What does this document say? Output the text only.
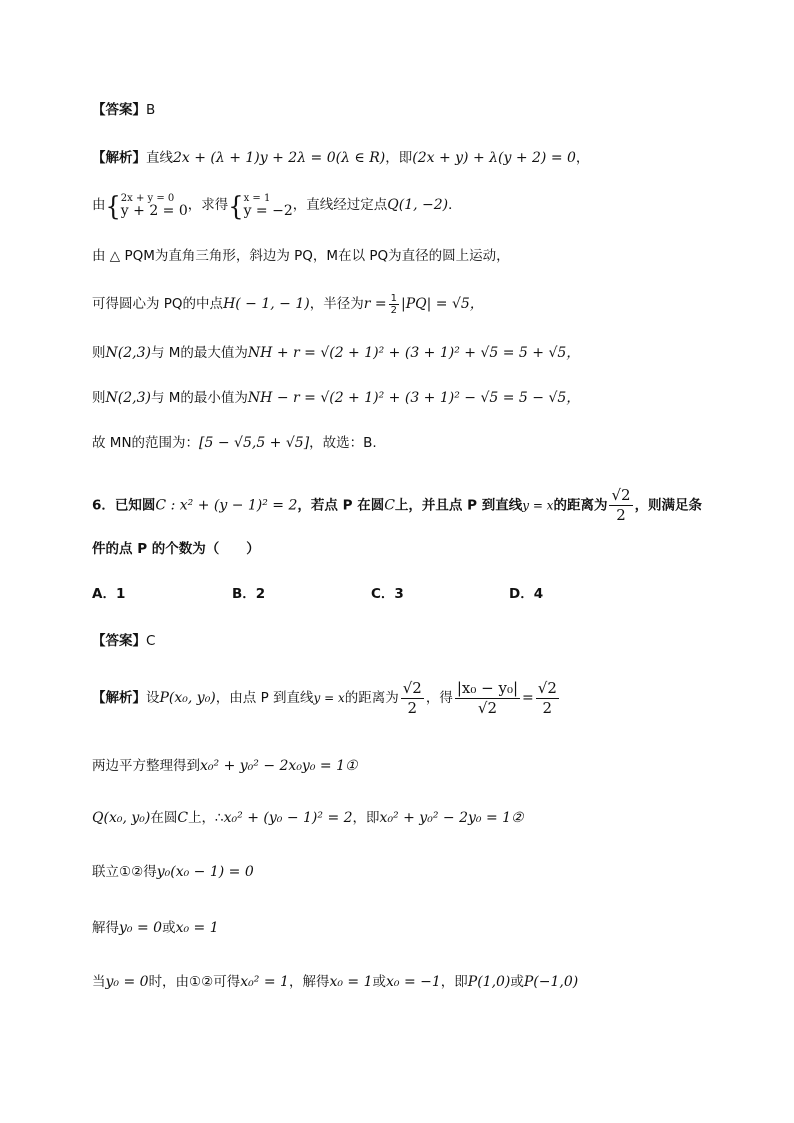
【答案】B
【解析】直线2x + (λ + 1)y + 2λ = 0(λ ∈ R)，即(2x + y) + λ(y + 2) = 0，
由{ 2x + y = 0
y + 2 = 0 ，求得{ x = 1
y = −2 ，直线经过定点Q(1, −2)．
由 △ PQM为直角三角形，斜边为 PQ，M在以 PQ为直径的圆上运动，
可得圆心为 PQ的中点H( − 1, − 1)，半径为$r = \frac{1}{2} |PQ| = √5$，
则N(2,3)与 M的最大值为NH + r = √(2 + 1)² + (3 + 1)² + √5 = 5 + √5，
则N(2,3)与 M的最小值为NH − r = √(2 + 1)² + (3 + 1)² − √5 = 5 − √5，
故 MN的范围为：[5 − √5,5 + √5]，故选：B.
6．已知圆C : x² + (y − 1)² = 2，若点 P 在圆C上，并且点 P 到直线y = x的距离为 $\frac{√2}{2}$ ，则满足条
件的点 P 的个数为（　　）
A．1	B．2	C．3	D．4
【答案】C
【解析】设P(x₀, y₀)，由点 P 到直线y = x的距离为 $\frac{√2}{2}$ ，得 $\frac{\text{|x₀ − y₀|}}{√2} = \frac{√2}{2}$
两边平方整理得到x₀² + y₀² − 2x₀y₀ = 1①
Q(x₀, y₀)在圆C上，∴x₀² + (y₀ − 1)² = 2，即x₀² + y₀² − 2y₀ = 1②
联立①②得y₀(x₀ − 1) = 0
解得y₀ = 0或x₀ = 1
当y₀ = 0时，由①②可得x₀² = 1，解得x₀ = 1或x₀ = −1，即P(1,0)或P(−1,0)
